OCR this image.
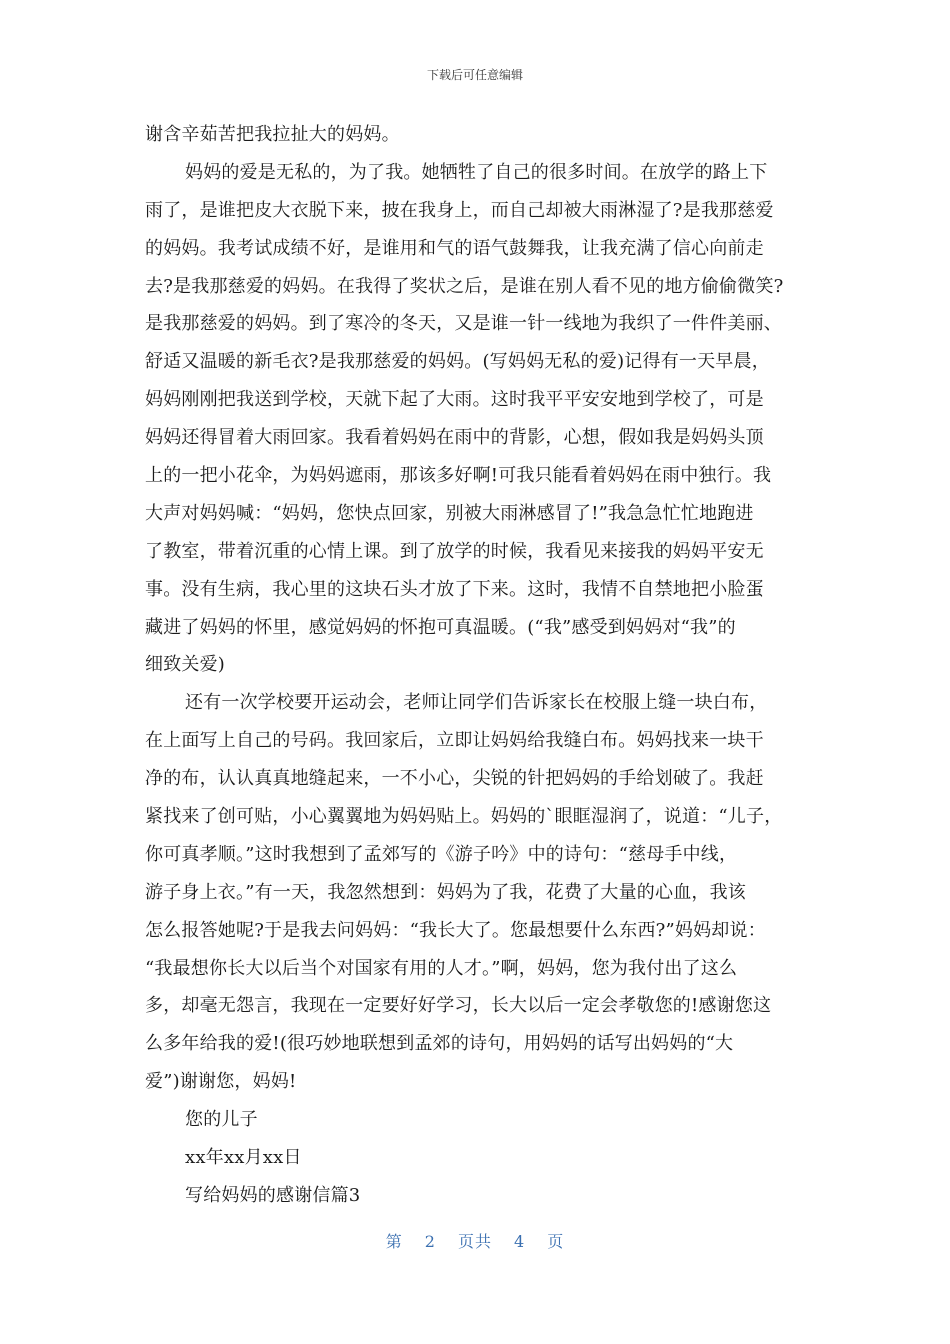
下载后可任意编辑
谢含辛茹苦把我拉扯大的妈妈。
妈妈的爱是无私的，为了我。她牺牲了自己的很多时间。在放学的路上下
雨了，是谁把皮大衣脱下来，披在我身上，而自己却被大雨淋湿了?是我那慈爱
的妈妈。我考试成绩不好，是谁用和气的语气鼓舞我，让我充满了信心向前走
去?是我那慈爱的妈妈。在我得了奖状之后，是谁在别人看不见的地方偷偷微笑?
是我那慈爱的妈妈。到了寒冷的冬天，又是谁一针一线地为我织了一件件美丽、
舒适又温暖的新毛衣?是我那慈爱的妈妈。(写妈妈无私的爱)记得有一天早晨，
妈妈刚刚把我送到学校，天就下起了大雨。这时我平平安安地到学校了，可是
妈妈还得冒着大雨回家。我看着妈妈在雨中的背影，心想，假如我是妈妈头顶
上的一把小花伞，为妈妈遮雨，那该多好啊!可我只能看着妈妈在雨中独行。我
大声对妈妈喊：“妈妈，您快点回家，别被大雨淋感冒了!”我急急忙忙地跑进
了教室，带着沉重的心情上课。到了放学的时候，我看见来接我的妈妈平安无
事。没有生病，我心里的这块石头才放了下来。这时，我情不自禁地把小脸蛋
藏进了妈妈的怀里，感觉妈妈的怀抱可真温暖。(“我”感受到妈妈对“我”的
细致关爱)
还有一次学校要开运动会，老师让同学们告诉家长在校服上缝一块白布，
在上面写上自己的号码。我回家后，立即让妈妈给我缝白布。妈妈找来一块干
净的布，认认真真地缝起来，一不小心，尖锐的针把妈妈的手给划破了。我赶
紧找来了创可贴，小心翼翼地为妈妈贴上。妈妈的`眼眶湿润了，说道：“儿子，
你可真孝顺。”这时我想到了孟郊写的《游子吟》中的诗句：“慈母手中线，
游子身上衣。”有一天，我忽然想到：妈妈为了我，花费了大量的心血，我该
怎么报答她呢?于是我去问妈妈：“我长大了。您最想要什么东西?”妈妈却说：
“我最想你长大以后当个对国家有用的人才。”啊，妈妈，您为我付出了这么
多，却毫无怨言，我现在一定要好好学习，长大以后一定会孝敬您的!感谢您这
么多年给我的爱!(很巧妙地联想到孟郊的诗句，用妈妈的话写出妈妈的“大
爱”)谢谢您，妈妈!
您的儿子
xx年xx月xx日
写给妈妈的感谢信篇3
第 2 页共 4 页
